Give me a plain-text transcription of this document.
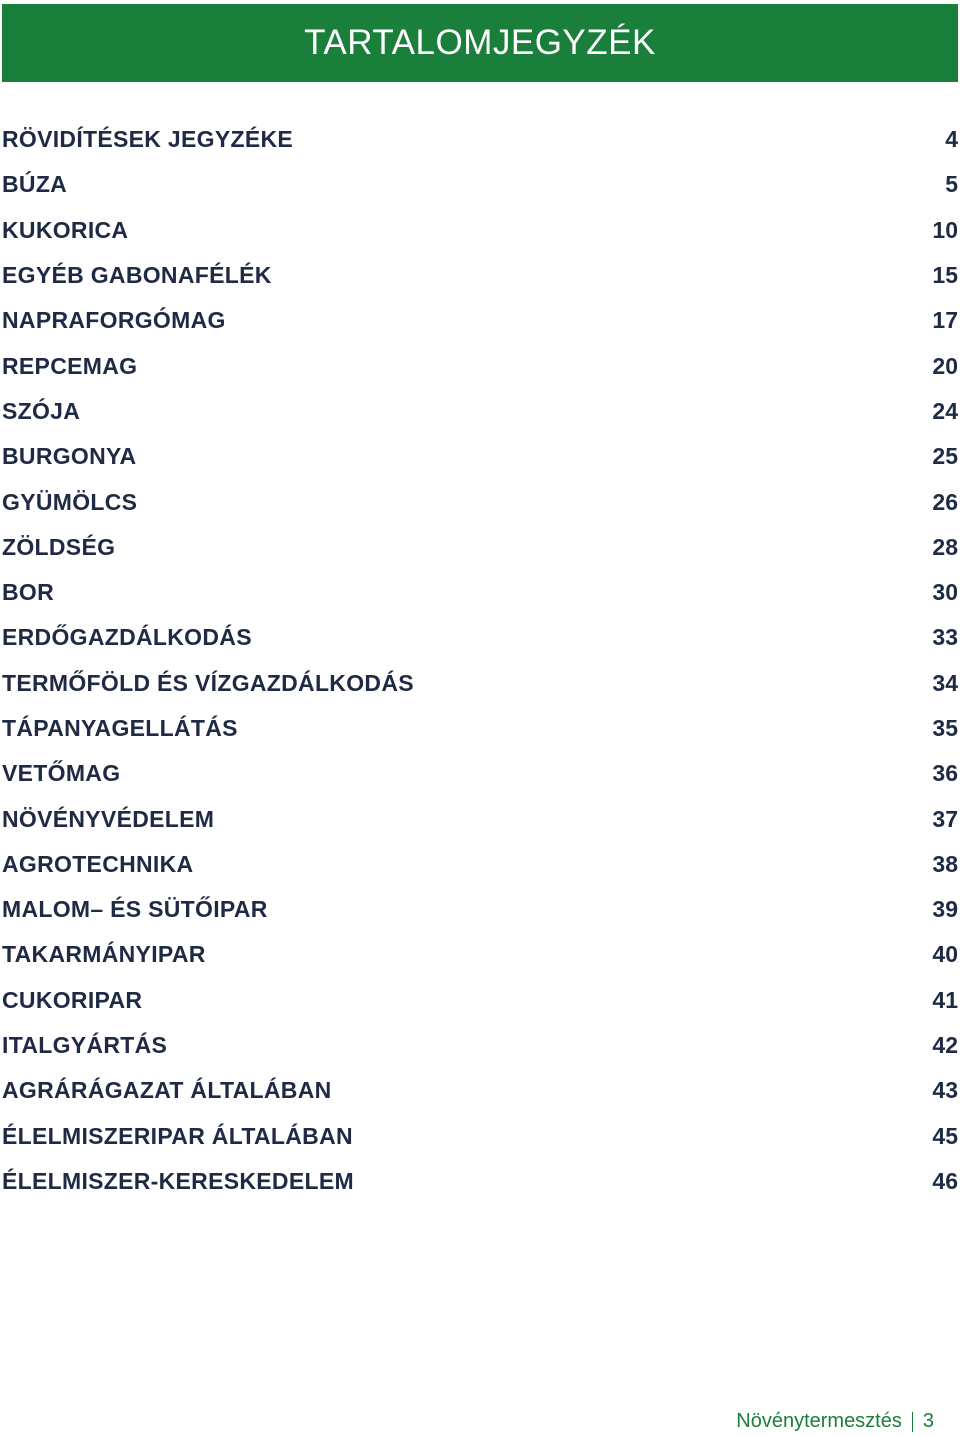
TARTALOMJEGYZÉK
RÖVIDÍTÉSEK JEGYZÉKE	4
BÚZA	5
KUKORICA	10
EGYÉB GABONAFÉLÉK	15
NAPRAFORGÓMAG	17
REPCEMAG	20
SZÓJA	24
BURGONYA	25
GYÜMÖLCS	26
ZÖLDSÉG	28
BOR	30
ERDŐGAZDÁLKODÁS	33
TERMŐFÖLD ÉS VÍZGAZDÁLKODÁS	34
TÁPANYAGELLÁTÁS	35
VETŐMAG	36
NÖVÉNYVÉDELEM	37
AGROTECHNIKA	38
MALOM– ÉS SÜTŐIPAR	39
TAKARMÁNYIPAR	40
CUKORIPAR	41
ITALGYÁRTÁS	42
AGRÁRÁGAZAT ÁLTALÁBAN	43
ÉLELMISZERIPAR ÁLTALÁBAN	45
ÉLELMISZER-KERESKEDELEM	46
Növénytermesztés 3
